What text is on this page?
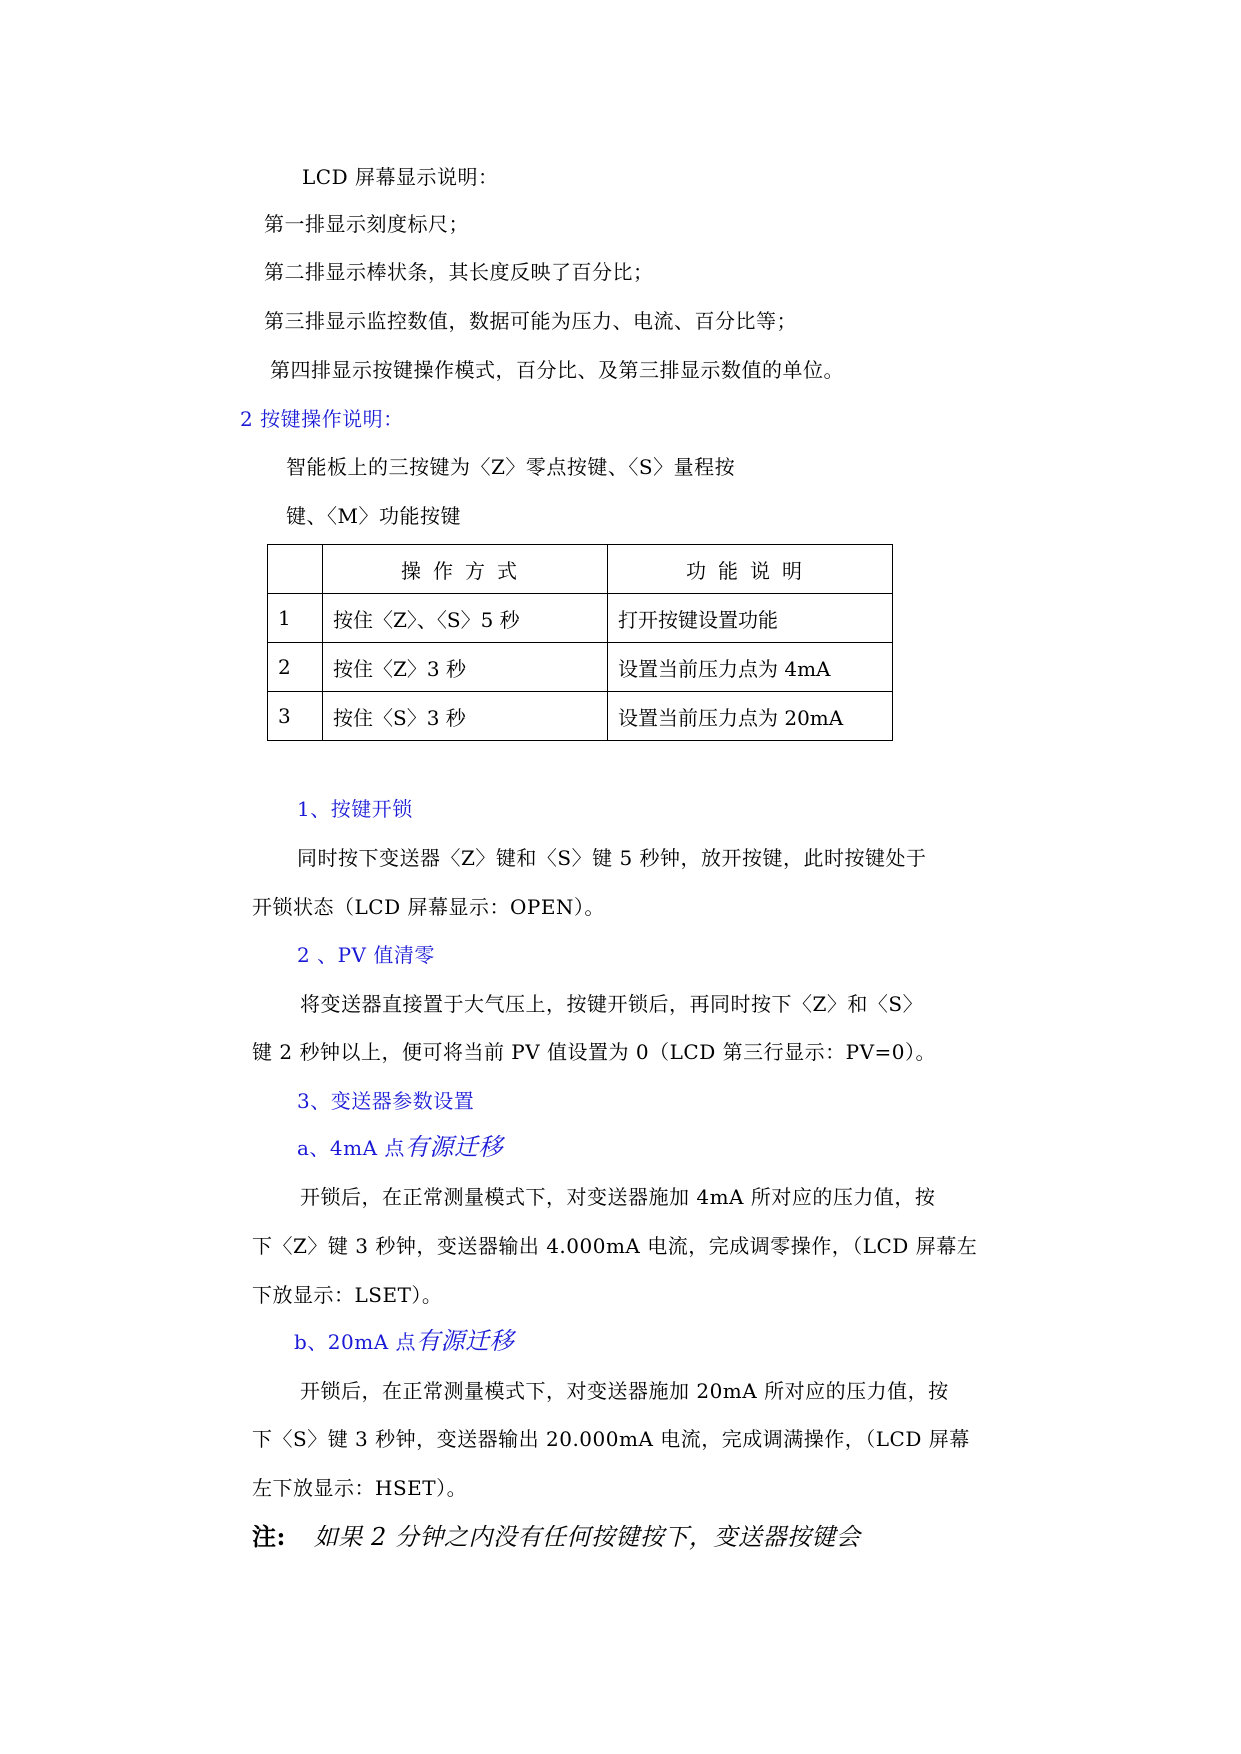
LCD 屏幕显示说明：
第一排显示刻度标尺；
第二排显示棒状条，其长度反映了百分比；
第三排显示监控数值，数据可能为压力、电流、百分比等；
第四排显示按键操作模式，百分比、及第三排显示数值的单位。
2 按键操作说明：
智能板上的三按键为〈Z〉零点按键、〈S〉量程按
键、〈M〉功能按键
	操作方式	功能说明
1	按住〈Z〉、〈S〉5 秒	打开按键设置功能
2	按住〈Z〉3 秒	设置当前压力点为 4mA
3	按住〈S〉3 秒	设置当前压力点为 20mA
1、按键开锁
同时按下变送器〈Z〉键和〈S〉键 5 秒钟，放开按键，此时按键处于
开锁状态（LCD 屏幕显示：OPEN）。
2 、PV 值清零
将变送器直接置于大气压上，按键开锁后，再同时按下〈Z〉和〈S〉
键 2 秒钟以上，便可将当前 PV 值设置为 0（LCD 第三行显示：PV=0）。
3、变送器参数设置
a、4mA 点有源迁移
开锁后，在正常测量模式下，对变送器施加 4mA 所对应的压力值，按
下〈Z〉键 3 秒钟，变送器输出 4.000mA 电流，完成调零操作，（LCD 屏幕左
下放显示：LSET）。
b、20mA 点有源迁移
开锁后，在正常测量模式下，对变送器施加 20mA 所对应的压力值，按
下〈S〉键 3 秒钟，变送器输出 20.000mA 电流，完成调满操作，（LCD 屏幕
左下放显示：HSET）。
注: 如果 2 分钟之内没有任何按键按下，变送器按键会
